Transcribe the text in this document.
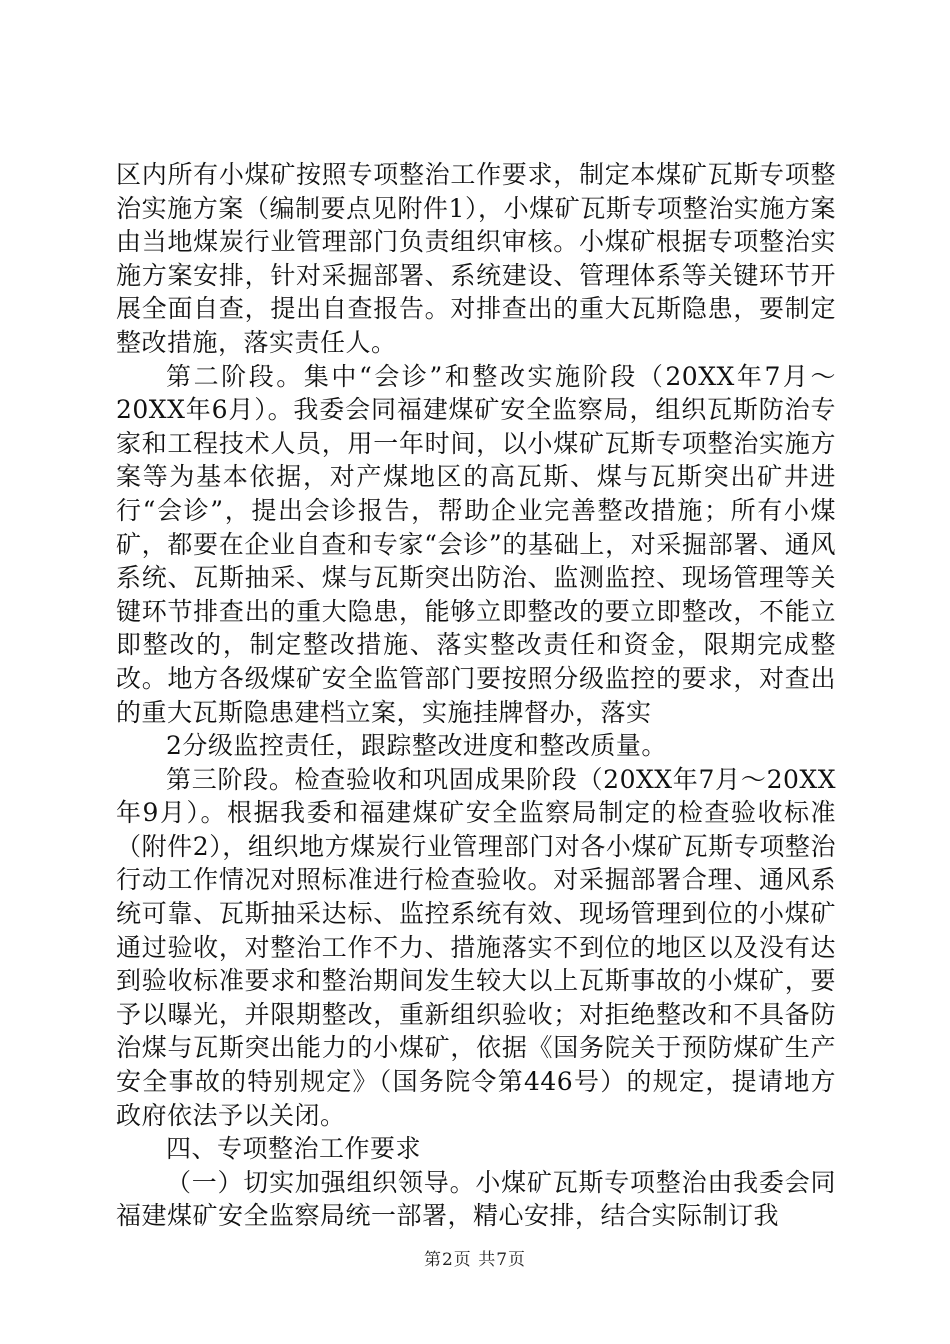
区内所有小煤矿按照专项整治工作要求，制定本煤矿瓦斯专项整治实施方案（编制要点见附件1），小煤矿瓦斯专项整治实施方案由当地煤炭行业管理部门负责组织审核。小煤矿根据专项整治实施方案安排，针对采掘部署、系统建设、管理体系等关键环节开展全面自查，提出自查报告。对排查出的重大瓦斯隐患，要制定整改措施，落实责任人。

第二阶段。集中“会诊”和整改实施阶段（20XX年7月～20XX年6月）。我委会同福建煤矿安全监察局，组织瓦斯防治专家和工程技术人员，用一年时间，以小煤矿瓦斯专项整治实施方案等为基本依据，对产煤地区的高瓦斯、煤与瓦斯突出矿井进行“会诊”，提出会诊报告，帮助企业完善整改措施；所有小煤矿，都要在企业自查和专家“会诊”的基础上，对采掘部署、通风系统、瓦斯抽采、煤与瓦斯突出防治、监测监控、现场管理等关键环节排查出的重大隐患，能够立即整改的要立即整改，不能立即整改的，制定整改措施、落实整改责任和资金，限期完成整改。地方各级煤矿安全监管部门要按照分级监控的要求，对查出的重大瓦斯隐患建档立案，实施挂牌督办，落实

2分级监控责任，跟踪整改进度和整改质量。

第三阶段。检查验收和巩固成果阶段（20XX年7月～20XX年9月）。根据我委和福建煤矿安全监察局制定的检查验收标准（附件2），组织地方煤炭行业管理部门对各小煤矿瓦斯专项整治行动工作情况对照标准进行检查验收。对采掘部署合理、通风系统可靠、瓦斯抽采达标、监控系统有效、现场管理到位的小煤矿通过验收，对整治工作不力、措施落实不到位的地区以及没有达到验收标准要求和整治期间发生较大以上瓦斯事故的小煤矿，要予以曝光，并限期整改，重新组织验收；对拒绝整改和不具备防治煤与瓦斯突出能力的小煤矿，依据《国务院关于预防煤矿生产安全事故的特别规定》（国务院令第446号）的规定，提请地方政府依法予以关闭。

四、专项整治工作要求

（一）切实加强组织领导。小煤矿瓦斯专项整治由我委会同福建煤矿安全监察局统一部署，精心安排，结合实际制订我

第2页 共7页
